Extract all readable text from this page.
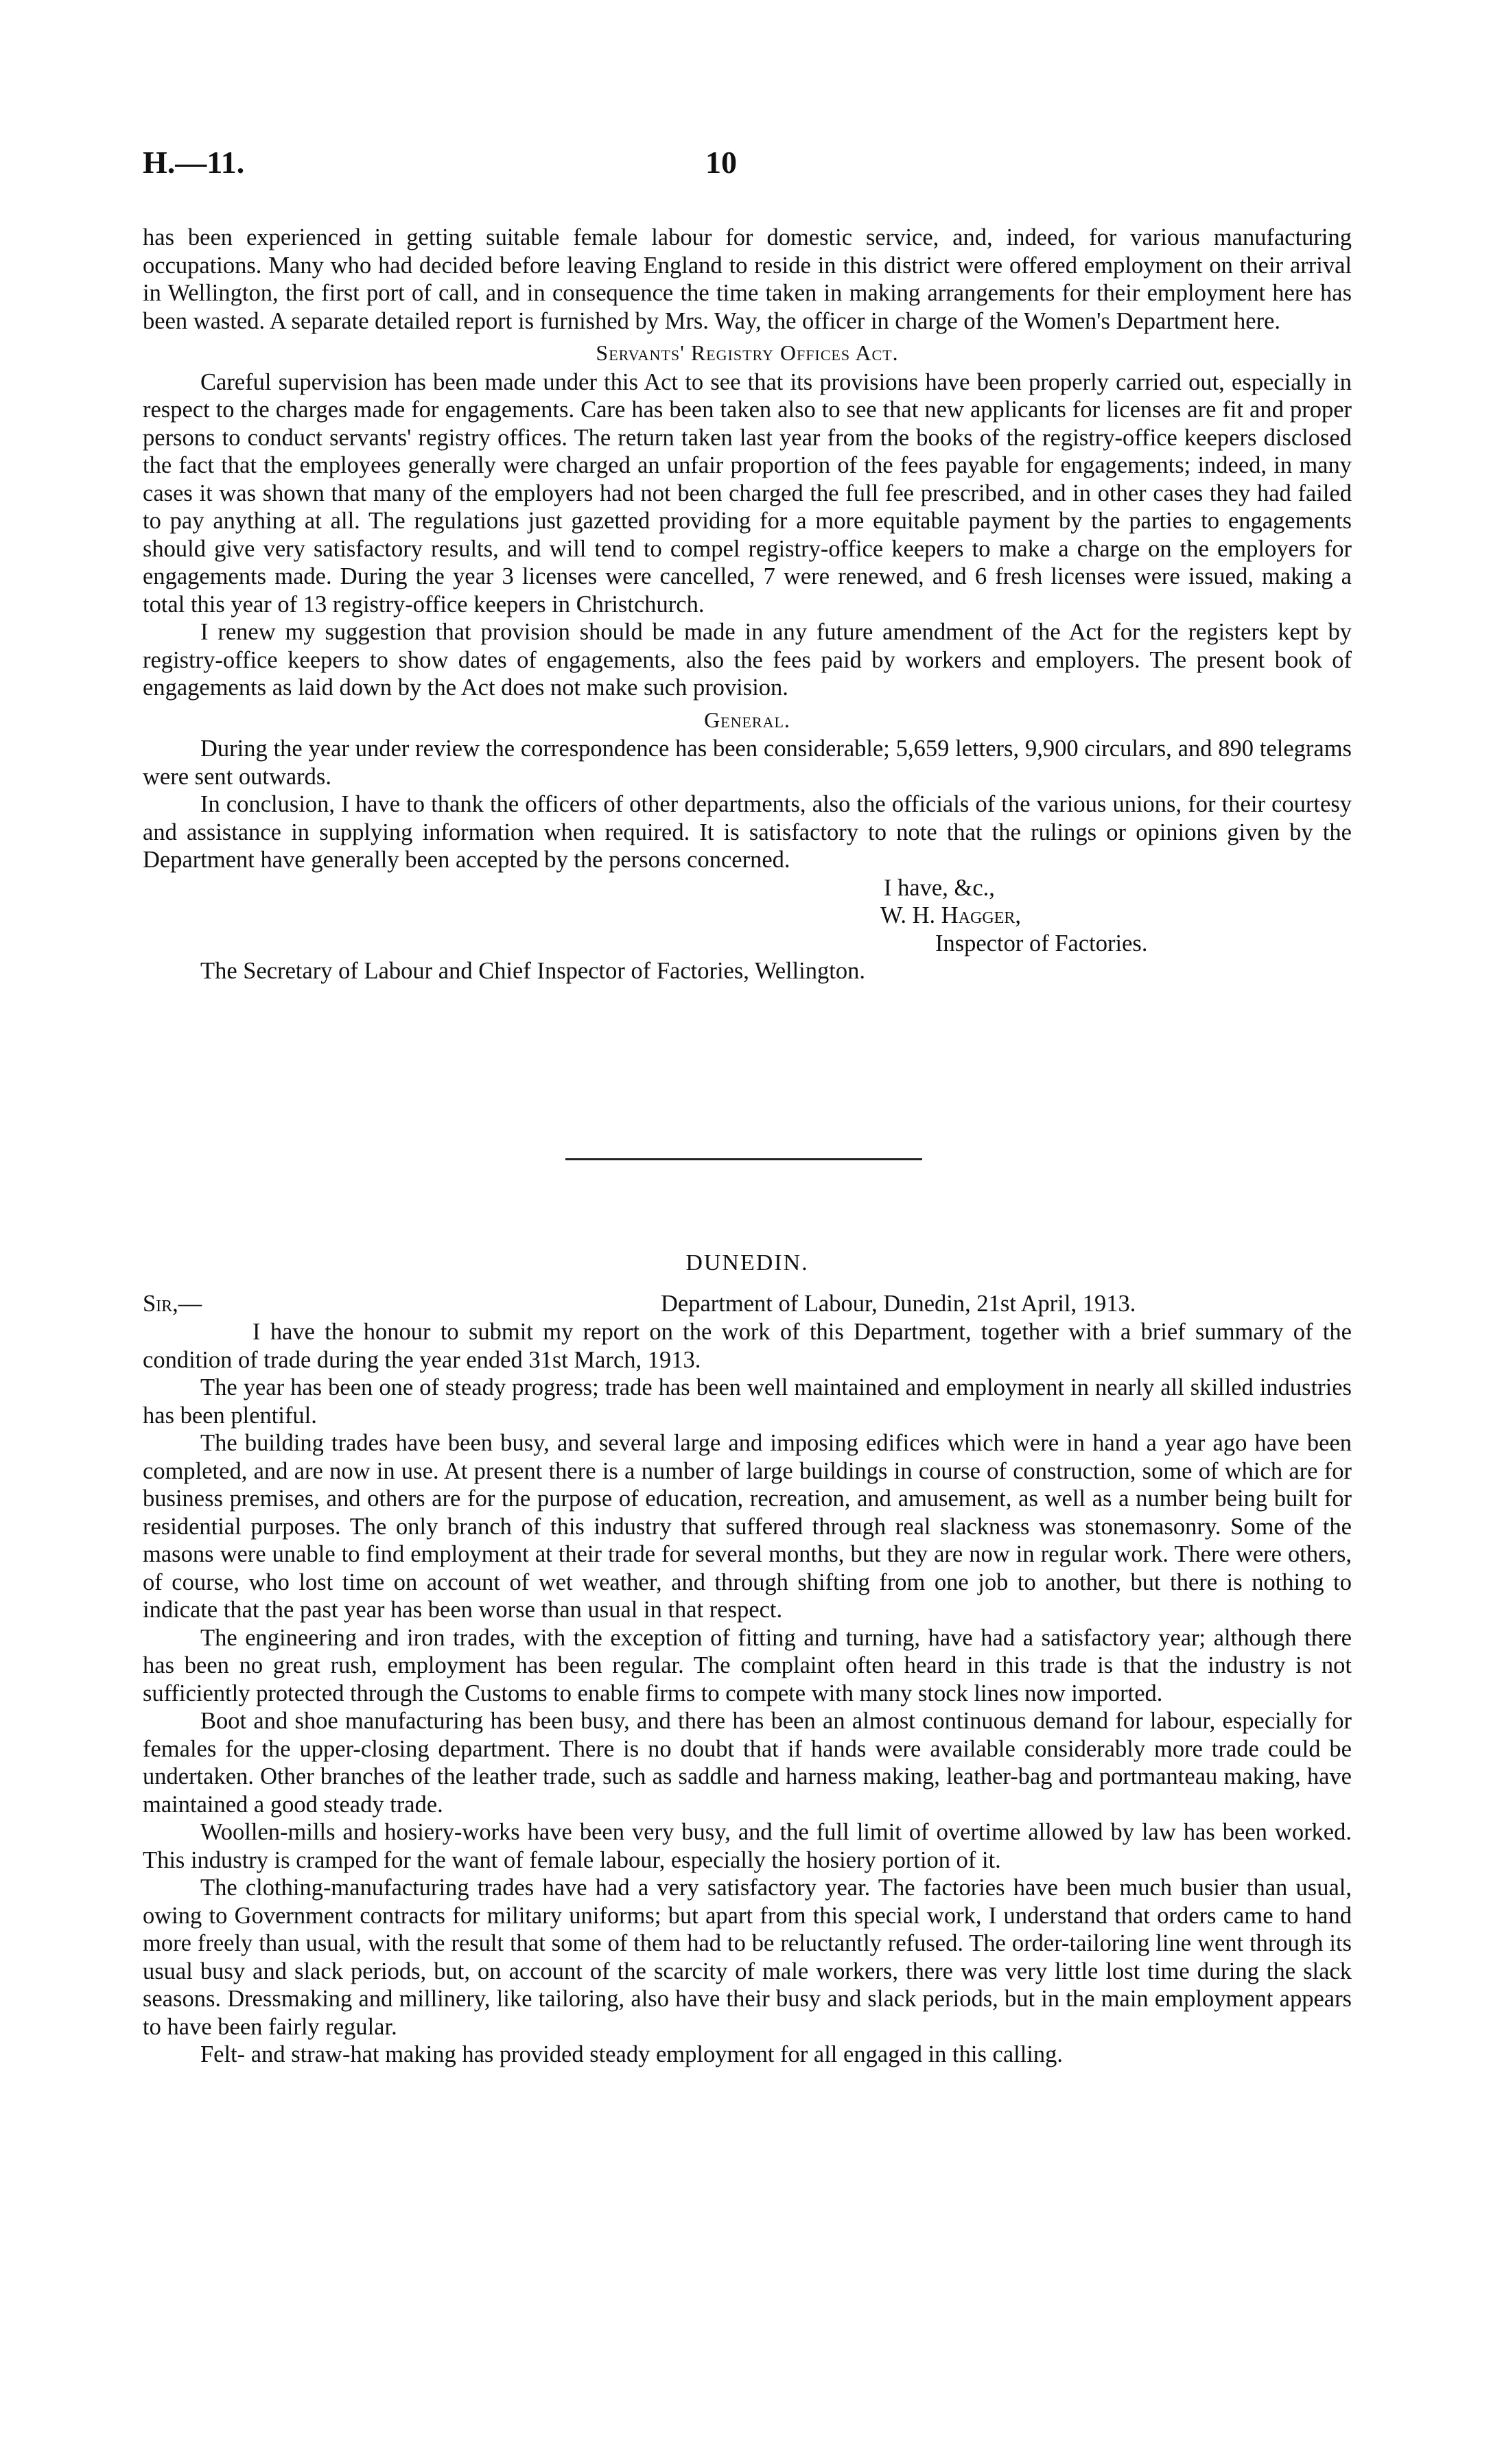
H.—11.	10

has been experienced in getting suitable female labour for domestic service, and, indeed, for various manufacturing occupations. Many who had decided before leaving England to reside in this district were offered employment on their arrival in Wellington, the first port of call, and in consequence the time taken in making arrangements for their employment here has been wasted. A separate detailed report is furnished by Mrs. Way, the officer in charge of the Women's Department here.

Servants' Registry Offices Act.

Careful supervision has been made under this Act to see that its provisions have been properly carried out, especially in respect to the charges made for engagements. Care has been taken also to see that new applicants for licenses are fit and proper persons to conduct servants' registry offices. The return taken last year from the books of the registry-office keepers disclosed the fact that the employees generally were charged an unfair proportion of the fees payable for engagements; indeed, in many cases it was shown that many of the employers had not been charged the full fee prescribed, and in other cases they had failed to pay anything at all. The regulations just gazetted providing for a more equitable payment by the parties to engagements should give very satisfactory results, and will tend to compel registry-office keepers to make a charge on the employers for engagements made. During the year 3 licenses were cancelled, 7 were renewed, and 6 fresh licenses were issued, making a total this year of 13 registry-office keepers in Christchurch.

I renew my suggestion that provision should be made in any future amendment of the Act for the registers kept by registry-office keepers to show dates of engagements, also the fees paid by workers and employers. The present book of engagements as laid down by the Act does not make such provision.

General.

During the year under review the correspondence has been considerable; 5,659 letters, 9,900 circulars, and 890 telegrams were sent outwards.

In conclusion, I have to thank the officers of other departments, also the officials of the various unions, for their courtesy and assistance in supplying information when required. It is satisfactory to note that the rulings or opinions given by the Department have generally been accepted by the persons concerned.

I have, &c.,
W. H. Hagger,
Inspector of Factories.

The Secretary of Labour and Chief Inspector of Factories, Wellington.

DUNEDIN.
Sir,—	Department of Labour, Dunedin, 21st April, 1913.

I have the honour to submit my report on the work of this Department, together with a brief summary of the condition of trade during the year ended 31st March, 1913.

The year has been one of steady progress; trade has been well maintained and employment in nearly all skilled industries has been plentiful.

The building trades have been busy, and several large and imposing edifices which were in hand a year ago have been completed, and are now in use. At present there is a number of large buildings in course of construction, some of which are for business premises, and others are for the purpose of education, recreation, and amusement, as well as a number being built for residential purposes. The only branch of this industry that suffered through real slackness was stonemasonry. Some of the masons were unable to find employment at their trade for several months, but they are now in regular work. There were others, of course, who lost time on account of wet weather, and through shifting from one job to another, but there is nothing to indicate that the past year has been worse than usual in that respect.

The engineering and iron trades, with the exception of fitting and turning, have had a satisfactory year; although there has been no great rush, employment has been regular. The complaint often heard in this trade is that the industry is not sufficiently protected through the Customs to enable firms to compete with many stock lines now imported.

Boot and shoe manufacturing has been busy, and there has been an almost continuous demand for labour, especially for females for the upper-closing department. There is no doubt that if hands were available considerably more trade could be undertaken. Other branches of the leather trade, such as saddle and harness making, leather-bag and portmanteau making, have maintained a good steady trade.

Woollen-mills and hosiery-works have been very busy, and the full limit of overtime allowed by law has been worked. This industry is cramped for the want of female labour, especially the hosiery portion of it.

The clothing-manufacturing trades have had a very satisfactory year. The factories have been much busier than usual, owing to Government contracts for military uniforms; but apart from this special work, I understand that orders came to hand more freely than usual, with the result that some of them had to be reluctantly refused. The order-tailoring line went through its usual busy and slack periods, but, on account of the scarcity of male workers, there was very little lost time during the slack seasons. Dressmaking and millinery, like tailoring, also have their busy and slack periods, but in the main employment appears to have been fairly regular.

Felt- and straw-hat making has provided steady employment for all engaged in this calling.
